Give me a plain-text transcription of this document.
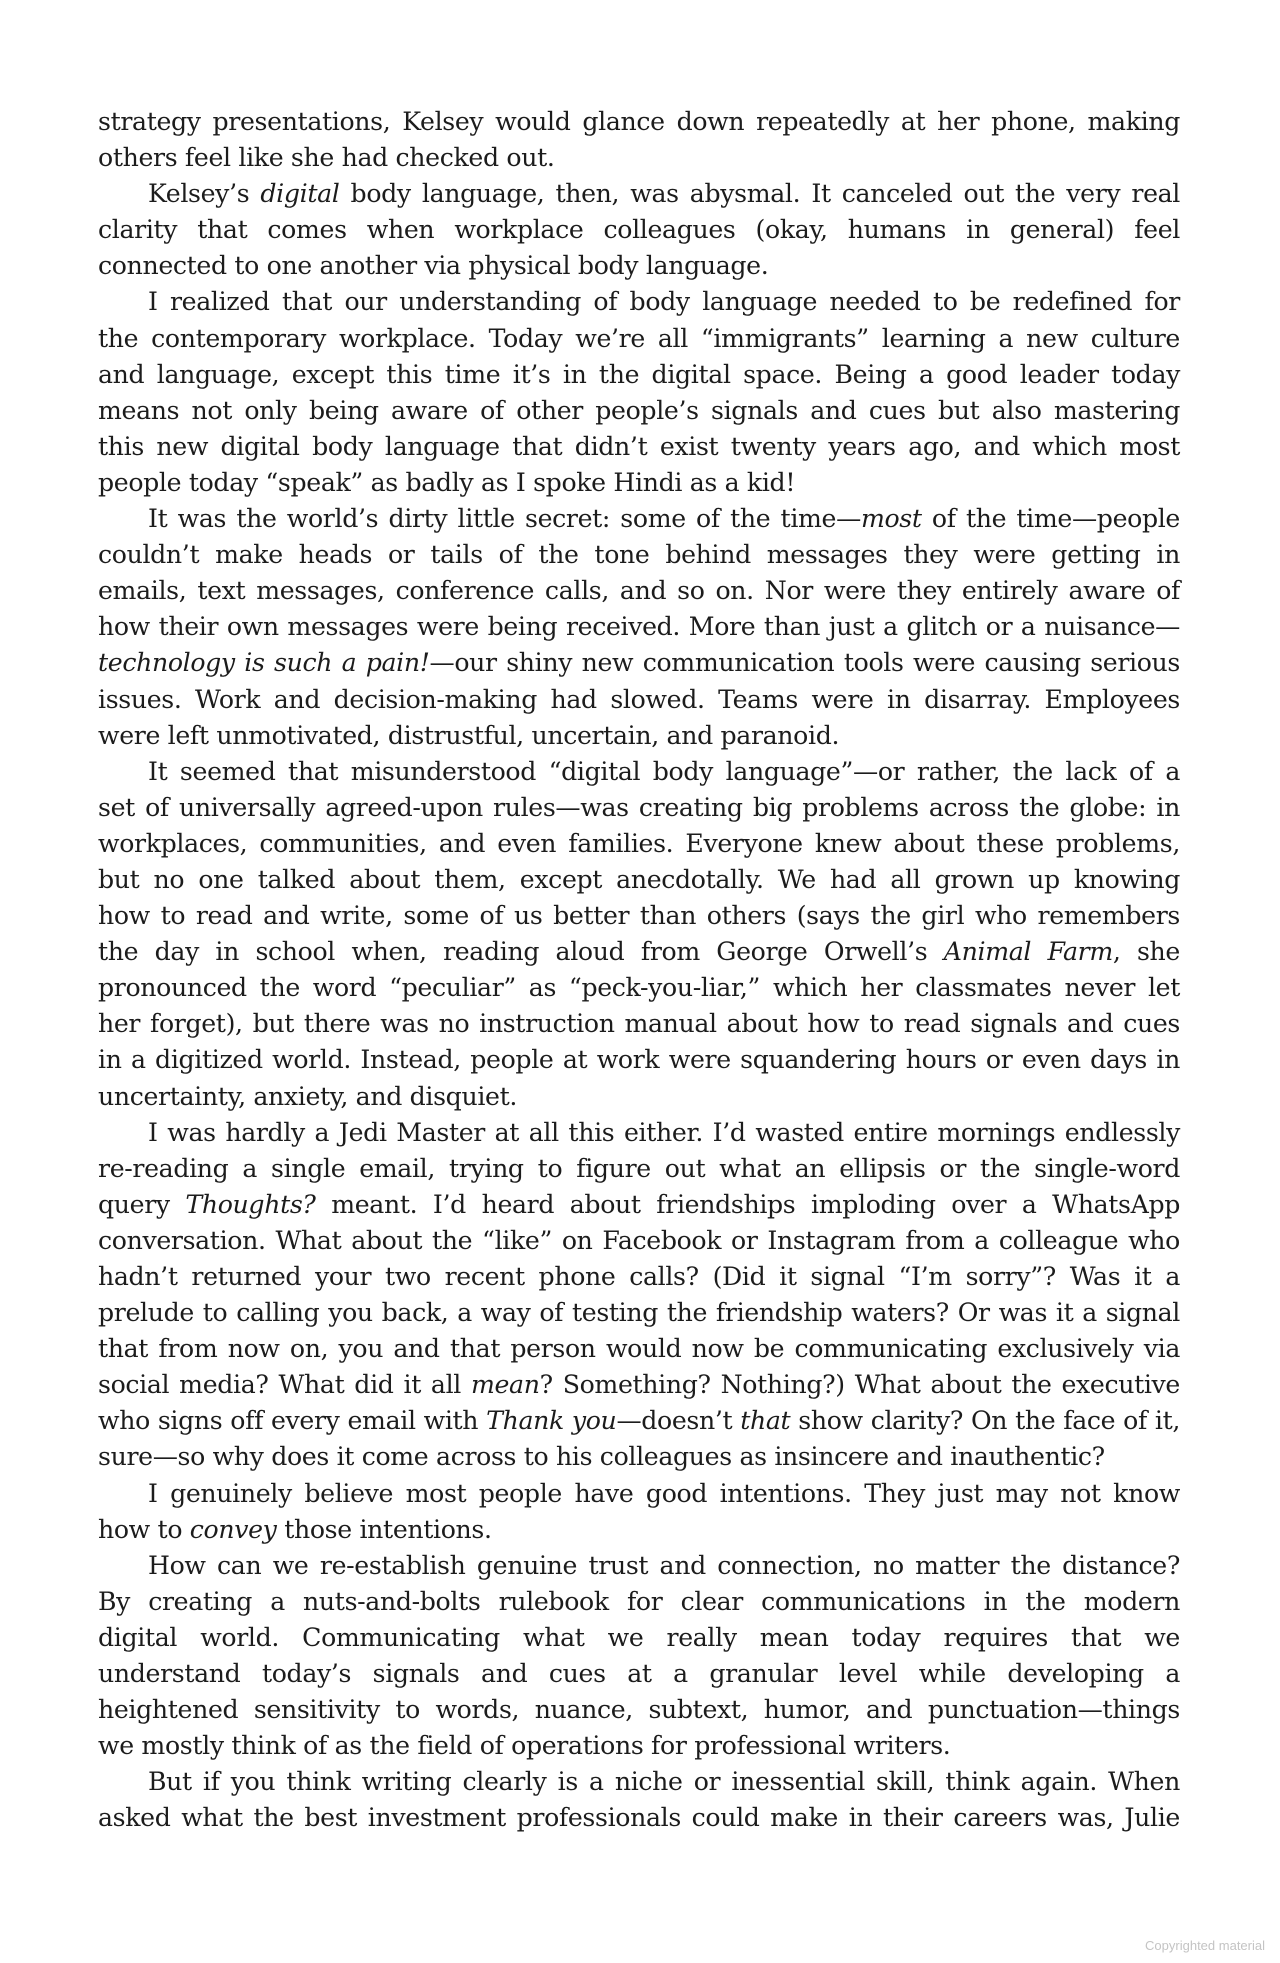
strategy presentations, Kelsey would glance down repeatedly at her phone, making
others feel like she had checked out.
Kelsey’s digital body language, then, was abysmal. It canceled out the very real
clarity that comes when workplace colleagues (okay, humans in general) feel
connected to one another via physical body language.
I realized that our understanding of body language needed to be redefined for
the contemporary workplace. Today we’re all “immigrants” learning a new culture
and language, except this time it’s in the digital space. Being a good leader today
means not only being aware of other people’s signals and cues but also mastering
this new digital body language that didn’t exist twenty years ago, and which most
people today “speak” as badly as I spoke Hindi as a kid!
It was the world’s dirty little secret: some of the time—most of the time—people
couldn’t make heads or tails of the tone behind messages they were getting in
emails, text messages, conference calls, and so on. Nor were they entirely aware of
how their own messages were being received. More than just a glitch or a nuisance—
technology is such a pain!—our shiny new communication tools were causing serious
issues. Work and decision-making had slowed. Teams were in disarray. Employees
were left unmotivated, distrustful, uncertain, and paranoid.
It seemed that misunderstood “digital body language”—or rather, the lack of a
set of universally agreed-upon rules—was creating big problems across the globe: in
workplaces, communities, and even families. Everyone knew about these problems,
but no one talked about them, except anecdotally. We had all grown up knowing
how to read and write, some of us better than others (says the girl who remembers
the day in school when, reading aloud from George Orwell’s Animal Farm, she
pronounced the word “peculiar” as “peck-you-liar,” which her classmates never let
her forget), but there was no instruction manual about how to read signals and cues
in a digitized world. Instead, people at work were squandering hours or even days in
uncertainty, anxiety, and disquiet.
I was hardly a Jedi Master at all this either. I’d wasted entire mornings endlessly
re-reading a single email, trying to figure out what an ellipsis or the single-word
query Thoughts? meant. I’d heard about friendships imploding over a WhatsApp
conversation. What about the “like” on Facebook or Instagram from a colleague who
hadn’t returned your two recent phone calls? (Did it signal “I’m sorry”? Was it a
prelude to calling you back, a way of testing the friendship waters? Or was it a signal
that from now on, you and that person would now be communicating exclusively via
social media? What did it all mean? Something? Nothing?) What about the executive
who signs off every email with Thank you—doesn’t that show clarity? On the face of it,
sure—so why does it come across to his colleagues as insincere and inauthentic?
I genuinely believe most people have good intentions. They just may not know
how to convey those intentions.
How can we re-establish genuine trust and connection, no matter the distance?
By creating a nuts-and-bolts rulebook for clear communications in the modern
digital world. Communicating what we really mean today requires that we
understand today’s signals and cues at a granular level while developing a
heightened sensitivity to words, nuance, subtext, humor, and punctuation—things
we mostly think of as the field of operations for professional writers.
But if you think writing clearly is a niche or inessential skill, think again. When
asked what the best investment professionals could make in their careers was, Julie
Copyrighted material
